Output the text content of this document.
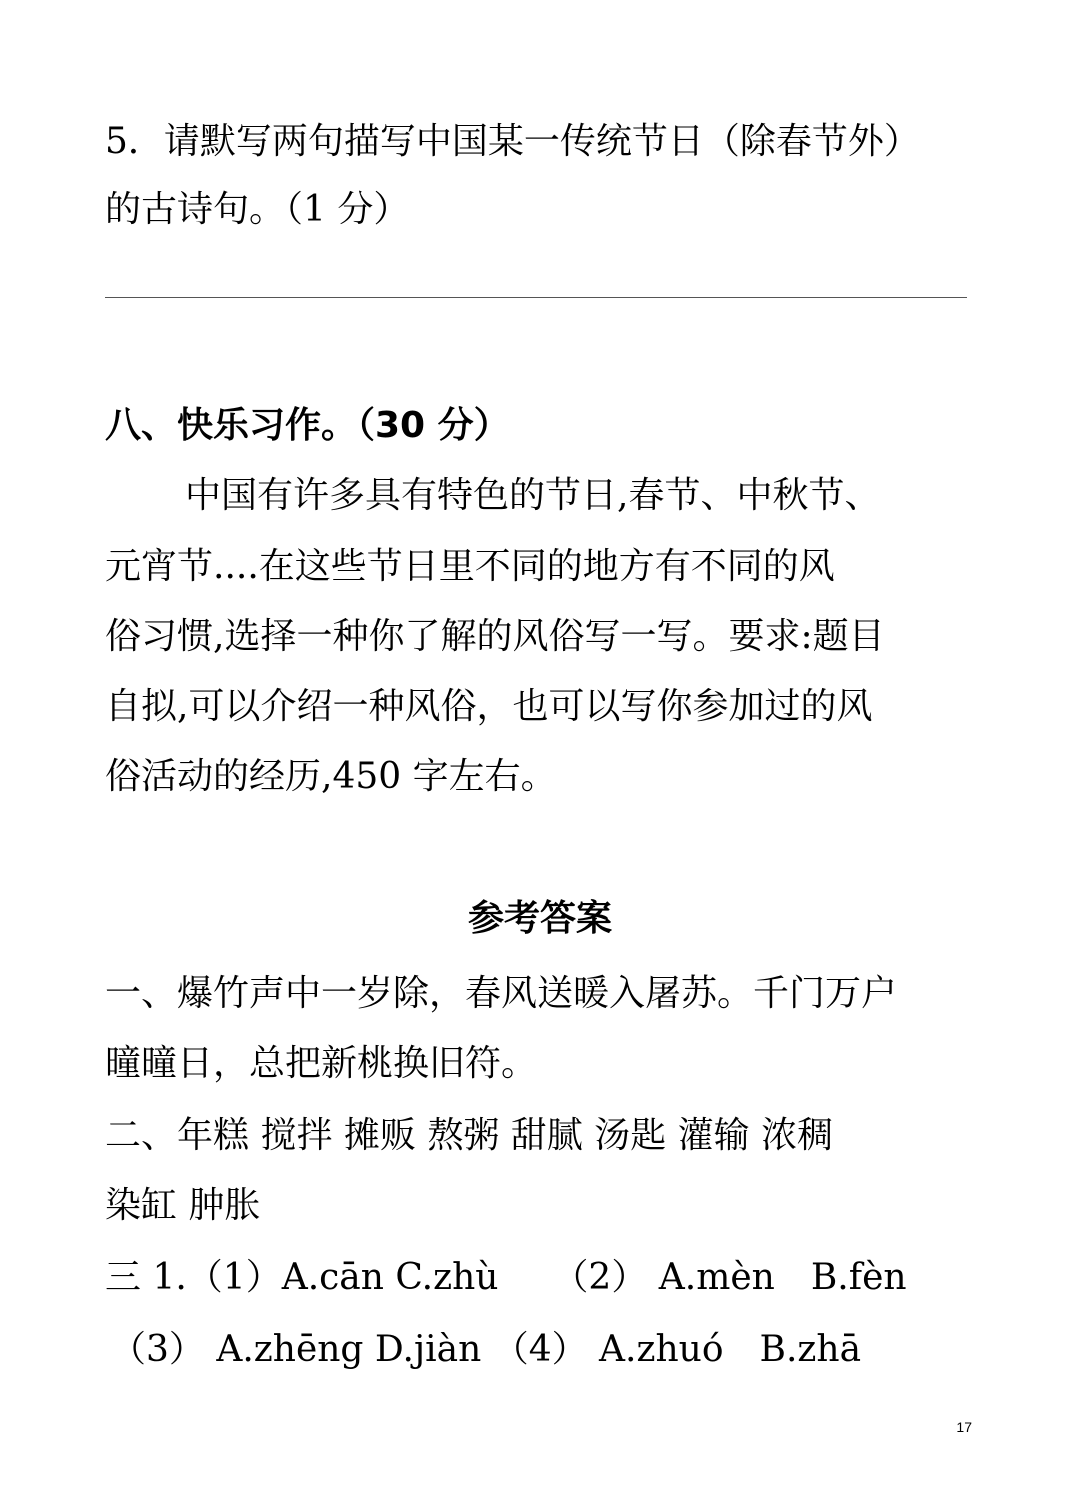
5．请默写两句描写中国某一传统节日（除春节外）
的古诗句。（1 分）
八、快乐习作。（30 分）
中国有许多具有特色的节日,春节、中秋节、
元宵节....在这些节日里不同的地方有不同的风
俗习惯,选择一种你了解的风俗写一写。要求:题目
自拟,可以介绍一种风俗，也可以写你参加过的风
俗活动的经历,450 字左右。
参考答案
一、爆竹声中一岁除，春风送暖入屠苏。千门万户
曈曈日，总把新桃换旧符。
二、年糕 搅拌 摊贩 熬粥 甜腻 汤匙 灌输 浓稠
染缸 肿胀
三 1.（1）A.cān C.zhù　　（2） A.mèn　B.fèn
（3） A.zhēng D.jiàn （4） A.zhuó　B.zhā
17
